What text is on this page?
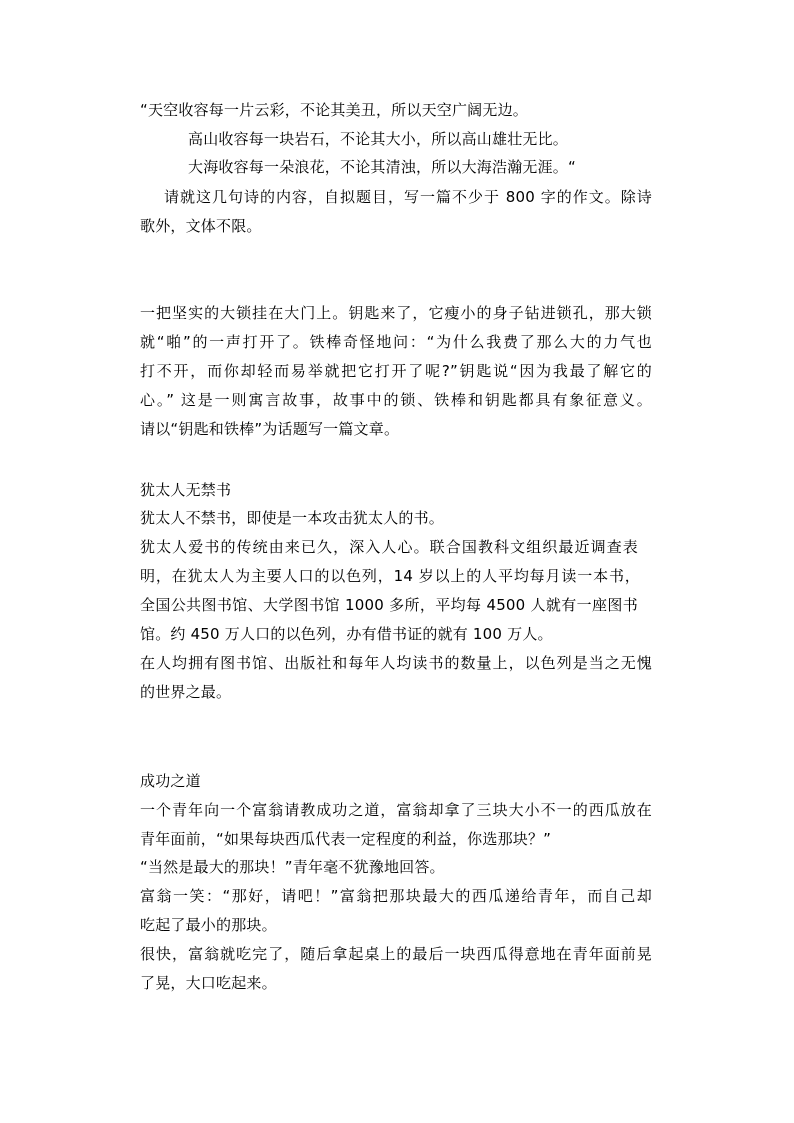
“天空收容每一片云彩，不论其美丑，所以天空广阔无边。
高山收容每一块岩石，不论其大小，所以高山雄壮无比。
大海收容每一朵浪花，不论其清浊，所以大海浩瀚无涯。“
请就这几句诗的内容，自拟题目，写一篇不少于 800 字的作文。除诗
歌外，文体不限。
一把坚实的大锁挂在大门上。钥匙来了，它瘦小的身子钻进锁孔，那大锁
就“啪”的一声打开了。铁棒奇怪地问：“为什么我费了那么大的力气也
打不开，而你却轻而易举就把它打开了呢?”钥匙说“因为我最了解它的
心。” 这是一则寓言故事，故事中的锁、铁棒和钥匙都具有象征意义。
请以“钥匙和铁棒”为话题写一篇文章。
犹太人无禁书
犹太人不禁书，即使是一本攻击犹太人的书。
犹太人爱书的传统由来已久，深入人心。联合国教科文组织最近调查表
明，在犹太人为主要人口的以色列，14 岁以上的人平均每月读一本书，
全国公共图书馆、大学图书馆 1000 多所，平均每 4500 人就有一座图书
馆。约 450 万人口的以色列，办有借书证的就有 100 万人。
在人均拥有图书馆、出版社和每年人均读书的数量上，以色列是当之无愧
的世界之最。
成功之道
一个青年向一个富翁请教成功之道，富翁却拿了三块大小不一的西瓜放在
青年面前，“如果每块西瓜代表一定程度的利益，你选那块？”
“当然是最大的那块！”青年毫不犹豫地回答。
富翁一笑：“那好，请吧！”富翁把那块最大的西瓜递给青年，而自己却
吃起了最小的那块。
很快，富翁就吃完了，随后拿起桌上的最后一块西瓜得意地在青年面前晃
了晃，大口吃起来。
